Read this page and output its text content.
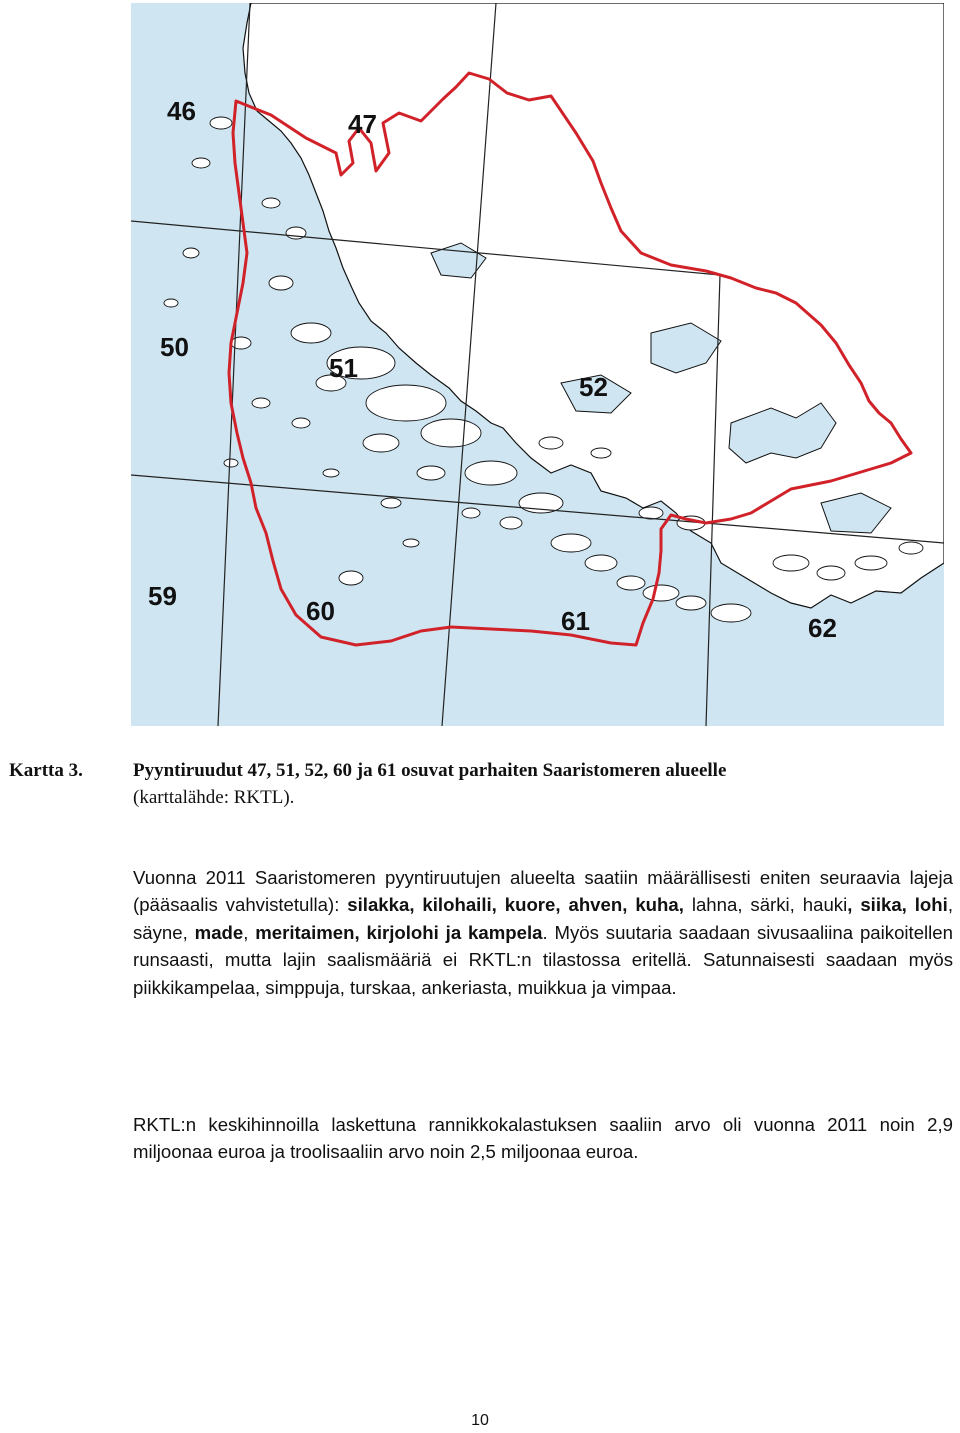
46	47
50
51
52
59	60	61	62
Kartta 3.	Pyyntiruudut 47, 51, 52, 60 ja 61 osuvat parhaiten Saaristomeren alueelle
(karttalähde: RKTL).

Vuonna 2011 Saaristomeren pyyntiruutujen alueelta saatiin määrällisesti eniten seuraavia lajeja (pääsaalis vahvistetulla): silakka, kilohaili, kuore, ahven, kuha, lahna, särki, hauki, siika, lohi, säyne, made, meritaimen, kirjolohi ja kampela. Myös suutaria saadaan sivusaaliina paikoitellen runsaasti, mutta lajin saalismääriä ei RKTL:n tilastossa eritellä. Satunnaisesti saadaan myös piikkikampelaa, simppuja, turskaa, ankeriasta, muikkua ja vimpaa.

RKTL:n keskihinnoilla laskettuna rannikkokalastuksen saaliin arvo oli vuonna 2011 noin 2,9 miljoonaa euroa ja troolisaaliin arvo noin 2,5 miljoonaa euroa.

10
